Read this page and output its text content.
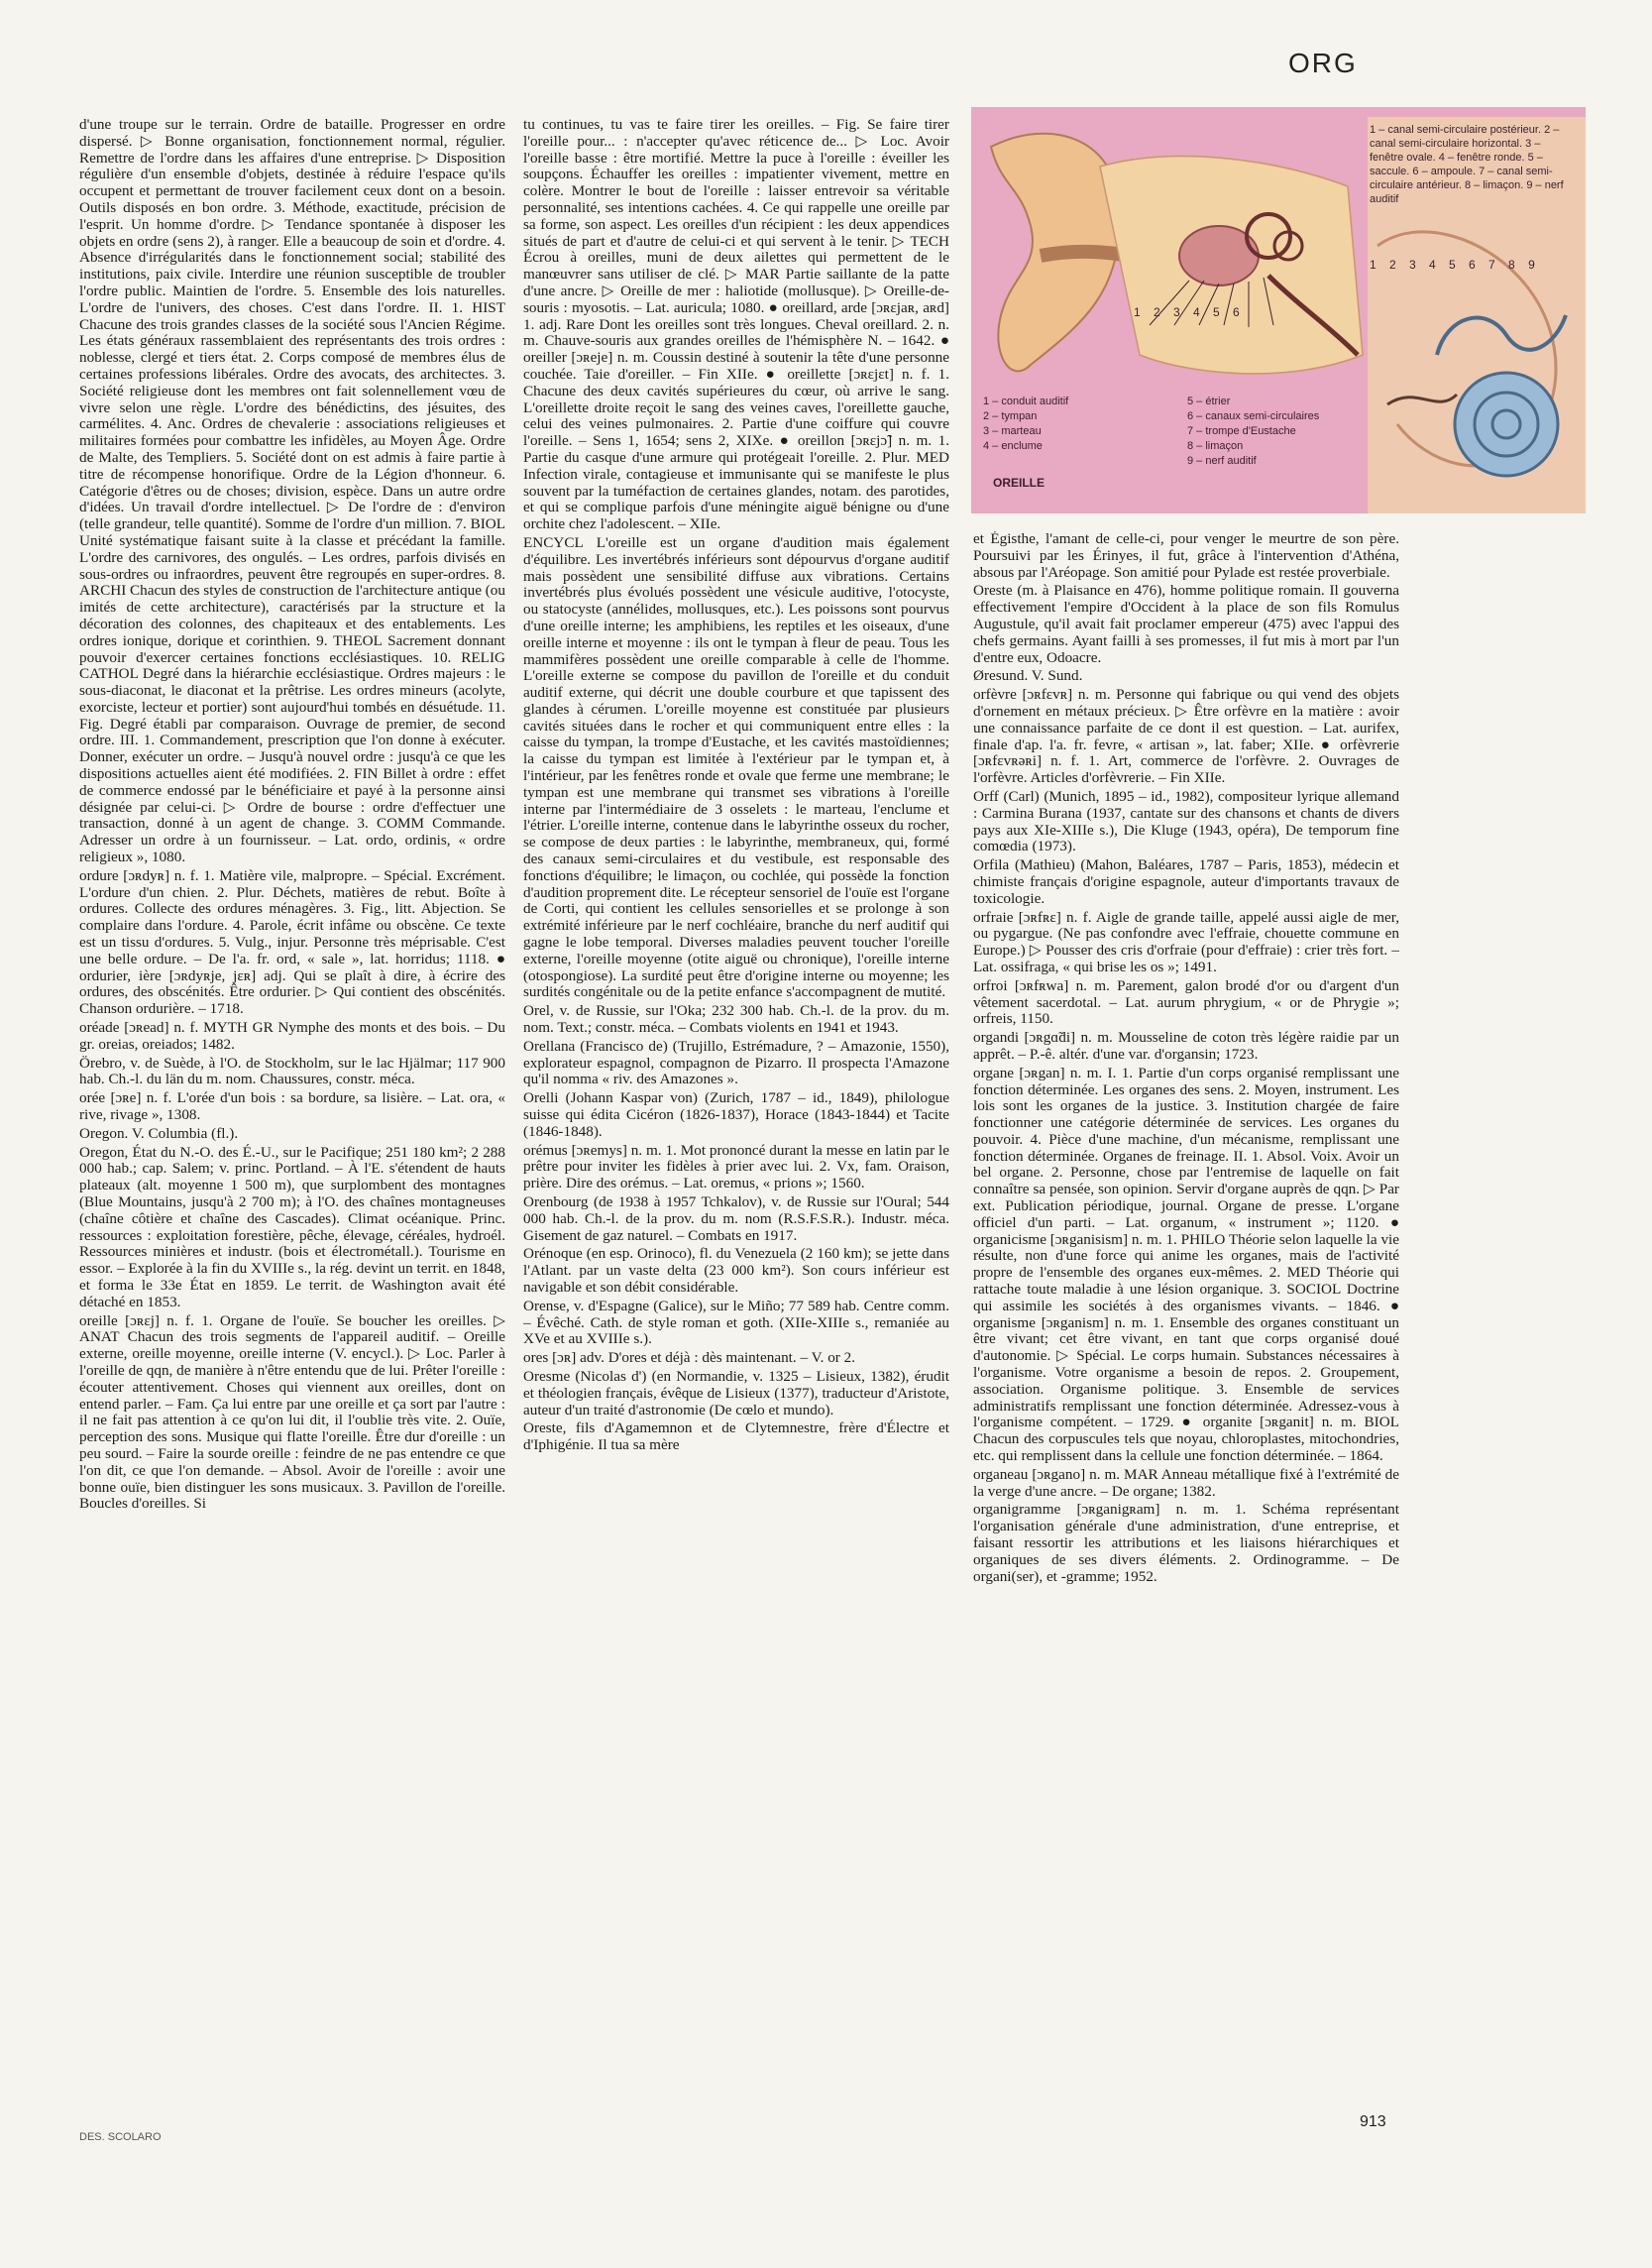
ORG

d'une troupe sur le terrain. Ordre de bataille. Progresser en ordre dispersé. ▷ Bonne organisation, fonctionnement normal, régulier. Remettre de l'ordre dans les affaires d'une entreprise. ▷ Disposition régulière d'un ensemble d'objets, destinée à réduire l'espace qu'ils occupent et permettant de trouver facilement ceux dont on a besoin. Outils disposés en bon ordre. 3. Méthode, exactitude, précision de l'esprit. Un homme d'ordre. ▷ Tendance spontanée à disposer les objets en ordre (sens 2), à ranger. Elle a beaucoup de soin et d'ordre. 4. Absence d'irrégularités dans le fonctionnement social; stabilité des institutions, paix civile. Interdire une réunion susceptible de troubler l'ordre public. Maintien de l'ordre. 5. Ensemble des lois naturelles. L'ordre de l'univers, des choses. C'est dans l'ordre. II. 1. HIST Chacune des trois grandes classes de la société sous l'Ancien Régime. Les états généraux rassemblaient des représentants des trois ordres : noblesse, clergé et tiers état. 2. Corps composé de membres élus de certaines professions libérales. Ordre des avocats, des architectes. 3. Société religieuse dont les membres ont fait solennellement vœu de vivre selon une règle. L'ordre des bénédictins, des jésuites, des carmélites. 4. Anc. Ordres de chevalerie : associations religieuses et militaires formées pour combattre les infidèles, au Moyen Âge. Ordre de Malte, des Templiers. 5. Société dont on est admis à faire partie à titre de récompense honorifique. Ordre de la Légion d'honneur. 6. Catégorie d'êtres ou de choses; division, espèce. Dans un autre ordre d'idées. Un travail d'ordre intellectuel. ▷ De l'ordre de : d'environ (telle grandeur, telle quantité). Somme de l'ordre d'un million. 7. BIOL Unité systématique faisant suite à la classe et précédant la famille. L'ordre des carnivores, des ongulés. – Les ordres, parfois divisés en sous-ordres ou infraordres, peuvent être regroupés en super-ordres. 8. ARCHI Chacun des styles de construction de l'architecture antique (ou imités de cette architecture), caractérisés par la structure et la décoration des colonnes, des chapiteaux et des entablements. Les ordres ionique, dorique et corinthien. 9. THEOL Sacrement donnant pouvoir d'exercer certaines fonctions ecclésiastiques. 10. RELIG CATHOL Degré dans la hiérarchie ecclésiastique. Ordres majeurs : le sous-diaconat, le diaconat et la prêtrise. Les ordres mineurs (acolyte, exorciste, lecteur et portier) sont aujourd'hui tombés en désuétude. 11. Fig. Degré établi par comparaison. Ouvrage de premier, de second ordre. III. 1. Commandement, prescription que l'on donne à exécuter. Donner, exécuter un ordre. – Jusqu'à nouvel ordre : jusqu'à ce que les dispositions actuelles aient été modifiées. 2. FIN Billet à ordre : effet de commerce endossé par le bénéficiaire et payé à la personne ainsi désignée par celui-ci. ▷ Ordre de bourse : ordre d'effectuer une transaction, donné à un agent de change. 3. COMM Commande. Adresser un ordre à un fournisseur. – Lat. ordo, ordinis, « ordre religieux », 1080.

ordure [ɔʀdyʀ] n. f. 1. Matière vile, malpropre. – Spécial. Excrément. L'ordure d'un chien. 2. Plur. Déchets, matières de rebut. Boîte à ordures. Collecte des ordures ménagères. 3. Fig., litt. Abjection. Se complaire dans l'ordure. 4. Parole, écrit infâme ou obscène. Ce texte est un tissu d'ordures. 5. Vulg., injur. Personne très méprisable. C'est une belle ordure. – De l'a. fr. ord, « sale », lat. horridus; 1118. ● ordurier, ière [ɔʀdyʀje, jɛʀ] adj. Qui se plaît à dire, à écrire des ordures, des obscénités. Être ordurier. ▷ Qui contient des obscénités. Chanson ordurière. – 1718.

oréade [ɔʀead] n. f. MYTH GR Nymphe des monts et des bois. – Du gr. oreias, oreiados; 1482.

Örebro, v. de Suède, à l'O. de Stockholm, sur le lac Hjälmar; 117 900 hab. Ch.-l. du län du m. nom. Chaussures, constr. méca.

orée [ɔʀe] n. f. L'orée d'un bois : sa bordure, sa lisière. – Lat. ora, « rive, rivage », 1308.

Oregon. V. Columbia (fl.).

Oregon, État du N.-O. des É.-U., sur le Pacifique; 251 180 km²; 2 288 000 hab.; cap. Salem; v. princ. Portland. – À l'E. s'étendent de hauts plateaux (alt. moyenne 1 500 m), que surplombent des montagnes (Blue Mountains, jusqu'à 2 700 m); à l'O. des chaînes montagneuses (chaîne côtière et chaîne des Cascades). Climat océanique. Princ. ressources : exploitation forestière, pêche, élevage, céréales, hydroél. Ressources minières et industr. (bois et électrométall.). Tourisme en essor. – Explorée à la fin du XVIIIe s., la rég. devint un territ. en 1848, et forma le 33e État en 1859. Le territ. de Washington avait été détaché en 1853.

oreille [ɔʀɛj] n. f. 1. Organe de l'ouïe. Se boucher les oreilles. ▷ ANAT Chacun des trois segments de l'appareil auditif. – Oreille externe, oreille moyenne, oreille interne (V. encycl.). ▷ Loc. Parler à l'oreille de qqn, de manière à n'être entendu que de lui. Prêter l'oreille : écouter attentivement. Choses qui viennent aux oreilles, dont on entend parler. – Fam. Ça lui entre par une oreille et ça sort par l'autre : il ne fait pas attention à ce qu'on lui dit, il l'oublie très vite. 2. Ouïe, perception des sons. Musique qui flatte l'oreille. Être dur d'oreille : un peu sourd. – Faire la sourde oreille : feindre de ne pas entendre ce que l'on dit, ce que l'on demande. – Absol. Avoir de l'oreille : avoir une bonne ouïe, bien distinguer les sons musicaux. 3. Pavillon de l'oreille. Boucles d'oreilles. Si

tu continues, tu vas te faire tirer les oreilles. – Fig. Se faire tirer l'oreille pour... : n'accepter qu'avec réticence de... ▷ Loc. Avoir l'oreille basse : être mortifié. Mettre la puce à l'oreille : éveiller les soupçons. Échauffer les oreilles : impatienter vivement, mettre en colère. Montrer le bout de l'oreille : laisser entrevoir sa véritable personnalité, ses intentions cachées. 4. Ce qui rappelle une oreille par sa forme, son aspect. Les oreilles d'un récipient : les deux appendices situés de part et d'autre de celui-ci et qui servent à le tenir. ▷ TECH Écrou à oreilles, muni de deux ailettes qui permettent de le manœuvrer sans utiliser de clé. ▷ MAR Partie saillante de la patte d'une ancre. ▷ Oreille de mer : haliotide (mollusque). ▷ Oreille-de-souris : myosotis. – Lat. auricula; 1080. ● oreillard, arde [ɔʀɛjaʀ, aʀd] 1. adj. Rare Dont les oreilles sont très longues. Cheval oreillard. 2. n. m. Chauve-souris aux grandes oreilles de l'hémisphère N. – 1642. ● oreiller [ɔʀeje] n. m. Coussin destiné à soutenir la tête d'une personne couchée. Taie d'oreiller. – Fin XIIe. ● oreillette [ɔʀɛjɛt] n. f. 1. Chacune des deux cavités supérieures du cœur, où arrive le sang. L'oreillette droite reçoit le sang des veines caves, l'oreillette gauche, celui des veines pulmonaires. 2. Partie d'une coiffure qui couvre l'oreille. – Sens 1, 1654; sens 2, XIXe. ● oreillon [ɔʀɛjɔ̃] n. m. 1. Partie du casque d'une armure qui protégeait l'oreille. 2. Plur. MED Infection virale, contagieuse et immunisante qui se manifeste le plus souvent par la tuméfaction de certaines glandes, notam. des parotides, et qui se complique parfois d'une méningite aiguë bénigne ou d'une orchite chez l'adolescent. – XIIe.

ENCYCL L'oreille est un organe d'audition mais également d'équilibre. Les invertébrés inférieurs sont dépourvus d'organe auditif mais possèdent une sensibilité diffuse aux vibrations. Certains invertébrés plus évolués possèdent une vésicule auditive, l'otocyste, ou statocyste (annélides, mollusques, etc.). Les poissons sont pourvus d'une oreille interne; les amphibiens, les reptiles et les oiseaux, d'une oreille interne et moyenne : ils ont le tympan à fleur de peau. Tous les mammifères possèdent une oreille comparable à celle de l'homme. L'oreille externe se compose du pavillon de l'oreille et du conduit auditif externe, qui décrit une double courbure et que tapissent des glandes à cérumen. L'oreille moyenne est constituée par plusieurs cavités situées dans le rocher et qui communiquent entre elles : la caisse du tympan, la trompe d'Eustache, et les cavités mastoïdiennes; la caisse du tympan est limitée à l'extérieur par le tympan et, à l'intérieur, par les fenêtres ronde et ovale que ferme une membrane; le tympan est une membrane qui transmet ses vibrations à l'oreille interne par l'intermédiaire de 3 osselets : le marteau, l'enclume et l'étrier. L'oreille interne, contenue dans le labyrinthe osseux du rocher, se compose de deux parties : le labyrinthe, membraneux, qui, formé des canaux semi-circulaires et du vestibule, est responsable des fonctions d'équilibre; le limaçon, ou cochlée, qui possède la fonction d'audition proprement dite. Le récepteur sensoriel de l'ouïe est l'organe de Corti, qui contient les cellules sensorielles et se prolonge à son extrémité inférieure par le nerf cochléaire, branche du nerf auditif qui gagne le lobe temporal. Diverses maladies peuvent toucher l'oreille externe, l'oreille moyenne (otite aiguë ou chronique), l'oreille interne (otospongiose). La surdité peut être d'origine interne ou moyenne; les surdités congénitale ou de la petite enfance s'accompagnent de mutité.

Orel, v. de Russie, sur l'Oka; 232 300 hab. Ch.-l. de la prov. du m. nom. Text.; constr. méca. – Combats violents en 1941 et 1943.

Orellana (Francisco de) (Trujillo, Estrémadure, ? – Amazonie, 1550), explorateur espagnol, compagnon de Pizarro. Il prospecta l'Amazone qu'il nomma « riv. des Amazones ».

Orelli (Johann Kaspar von) (Zurich, 1787 – id., 1849), philologue suisse qui édita Cicéron (1826-1837), Horace (1843-1844) et Tacite (1846-1848).

orémus [ɔʀemys] n. m. 1. Mot prononcé durant la messe en latin par le prêtre pour inviter les fidèles à prier avec lui. 2. Vx, fam. Oraison, prière. Dire des orémus. – Lat. oremus, « prions »; 1560.

Orenbourg (de 1938 à 1957 Tchkalov), v. de Russie sur l'Oural; 544 000 hab. Ch.-l. de la prov. du m. nom (R.S.F.S.R.). Industr. méca. Gisement de gaz naturel. – Combats en 1917.

Orénoque (en esp. Orinoco), fl. du Venezuela (2 160 km); se jette dans l'Atlant. par un vaste delta (23 000 km²). Son cours inférieur est navigable et son débit considérable.

Orense, v. d'Espagne (Galice), sur le Miño; 77 589 hab. Centre comm. – Évêché. Cath. de style roman et goth. (XIIe-XIIIe s., remaniée au XVe et au XVIIIe s.).

ores [ɔʀ] adv. D'ores et déjà : dès maintenant. – V. or 2.

Oresme (Nicolas d') (en Normandie, v. 1325 – Lisieux, 1382), érudit et théologien français, évêque de Lisieux (1377), traducteur d'Aristote, auteur d'un traité d'astronomie (De cœlo et mundo).

Oreste, fils d'Agamemnon et de Clytemnestre, frère d'Électre et d'Iphigénie. Il tua sa mère

1 – canal semi-circulaire postérieur. 2 – canal semi-circulaire horizontal. 3 – fenêtre ovale. 4 – fenêtre ronde. 5 – saccule. 6 – ampoule. 7 – canal semi-circulaire antérieur. 8 – limaçon. 9 – nerf auditif
1 2 3 4 5 6 7 8 9
1 2 3 4 5 6
1 – conduit auditif
2 – tympan
3 – marteau
4 – enclume
5 – étrier
6 – canaux semi-circulaires
7 – trompe d'Eustache
8 – limaçon
9 – nerf auditif
OREILLE

et Égisthe, l'amant de celle-ci, pour venger le meurtre de son père. Poursuivi par les Érinyes, il fut, grâce à l'intervention d'Athéna, absous par l'Aréopage. Son amitié pour Pylade est restée proverbiale.

Oreste (m. à Plaisance en 476), homme politique romain. Il gouverna effectivement l'empire d'Occident à la place de son fils Romulus Augustule, qu'il avait fait proclamer empereur (475) avec l'appui des chefs germains. Ayant failli à ses promesses, il fut mis à mort par l'un d'entre eux, Odoacre.

Øresund. V. Sund.

orfèvre [ɔʀfɛvʀ] n. m. Personne qui fabrique ou qui vend des objets d'ornement en métaux précieux. ▷ Être orfèvre en la matière : avoir une connaissance parfaite de ce dont il est question. – Lat. aurifex, finale d'ap. l'a. fr. fevre, « artisan », lat. faber; XIIe. ● orfèvrerie [ɔʀfɛvʀəʀi] n. f. 1. Art, commerce de l'orfèvre. 2. Ouvrages de l'orfèvre. Articles d'orfèvrerie. – Fin XIIe.

Orff (Carl) (Munich, 1895 – id., 1982), compositeur lyrique allemand : Carmina Burana (1937, cantate sur des chansons et chants de divers pays aux XIe-XIIIe s.), Die Kluge (1943, opéra), De temporum fine comœdia (1973).

Orfila (Mathieu) (Mahon, Baléares, 1787 – Paris, 1853), médecin et chimiste français d'origine espagnole, auteur d'importants travaux de toxicologie.

orfraie [ɔʀfʀɛ] n. f. Aigle de grande taille, appelé aussi aigle de mer, ou pygargue. (Ne pas confondre avec l'effraie, chouette commune en Europe.) ▷ Pousser des cris d'orfraie (pour d'effraie) : crier très fort. – Lat. ossifraga, « qui brise les os »; 1491.

orfroi [ɔʀfʀwa] n. m. Parement, galon brodé d'or ou d'argent d'un vêtement sacerdotal. – Lat. aurum phrygium, « or de Phrygie »; orfreis, 1150.

organdi [ɔʀgɑ̃di] n. m. Mousseline de coton très légère raidie par un apprêt. – P.-ê. altér. d'une var. d'organsin; 1723.

organe [ɔʀgan] n. m. I. 1. Partie d'un corps organisé remplissant une fonction déterminée. Les organes des sens. 2. Moyen, instrument. Les lois sont les organes de la justice. 3. Institution chargée de faire fonctionner une catégorie déterminée de services. Les organes du pouvoir. 4. Pièce d'une machine, d'un mécanisme, remplissant une fonction déterminée. Organes de freinage. II. 1. Absol. Voix. Avoir un bel organe. 2. Personne, chose par l'entremise de laquelle on fait connaître sa pensée, son opinion. Servir d'organe auprès de qqn. ▷ Par ext. Publication périodique, journal. Organe de presse. L'organe officiel d'un parti. – Lat. organum, « instrument »; 1120. ● organicisme [ɔʀganisism] n. m. 1. PHILO Théorie selon laquelle la vie résulte, non d'une force qui anime les organes, mais de l'activité propre de l'ensemble des organes eux-mêmes. 2. MED Théorie qui rattache toute maladie à une lésion organique. 3. SOCIOL Doctrine qui assimile les sociétés à des organismes vivants. – 1846. ● organisme [ɔʀganism] n. m. 1. Ensemble des organes constituant un être vivant; cet être vivant, en tant que corps organisé doué d'autonomie. ▷ Spécial. Le corps humain. Substances nécessaires à l'organisme. Votre organisme a besoin de repos. 2. Groupement, association. Organisme politique. 3. Ensemble de services administratifs remplissant une fonction déterminée. Adressez-vous à l'organisme compétent. – 1729. ● organite [ɔʀganit] n. m. BIOL Chacun des corpuscules tels que noyau, chloroplastes, mitochondries, etc. qui remplissent dans la cellule une fonction déterminée. – 1864.

organeau [ɔʀgano] n. m. MAR Anneau métallique fixé à l'extrémité de la verge d'une ancre. – De organe; 1382.

organigramme [ɔʀganigʀam] n. m. 1. Schéma représentant l'organisation générale d'une administration, d'une entreprise, et faisant ressortir les attributions et les liaisons hiérarchiques et organiques de ses divers éléments. 2. Ordinogramme. – De organi(ser), et -gramme; 1952.

DES. SCOLARO
913
